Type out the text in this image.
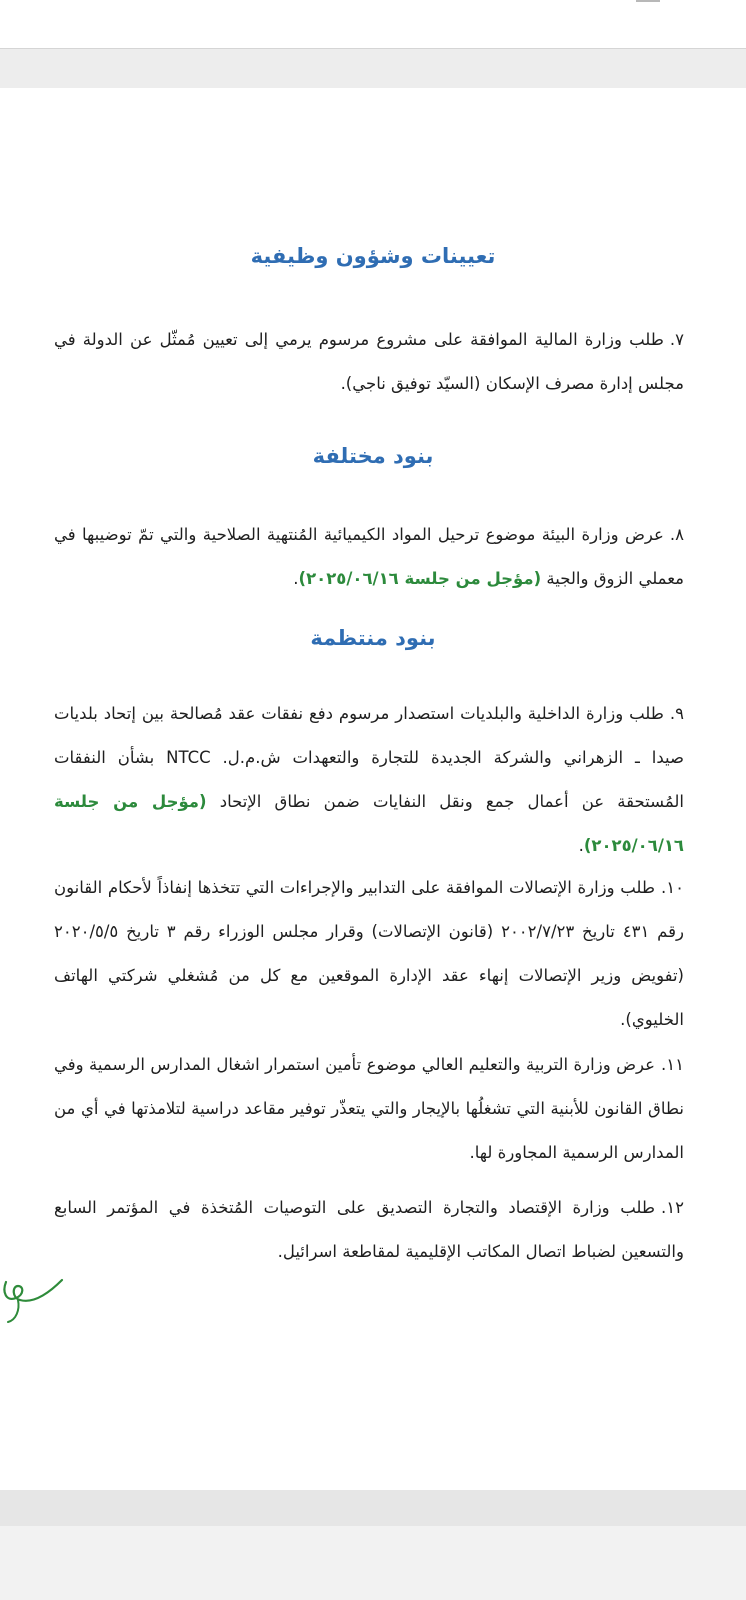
تعيينات وشؤون وظيفية

٧.طلب وزارة المالية الموافقة على مشروع مرسوم يرمي إلى تعيين مُمثّل عن الدولة في مجلس إدارة مصرف الإسكان (السيّد توفيق ناجي).

بنود مختلفة

٨.عرض وزارة البيئة موضوع ترحيل المواد الكيميائية المُنتهية الصلاحية والتي تمّ توضيبها في معملي الزوق والجية (مؤجل من جلسة ٢٠٢٥/٠٦/١٦).

بنود منتظمة

٩.طلب وزارة الداخلية والبلديات استصدار مرسوم دفع نفقات عقد مُصالحة بين إتحاد بلديات صيدا ـ الزهراني والشركة الجديدة للتجارة والتعهدات ش.م.ل. NTCC بشأن النفقات المُستحقة عن أعمال جمع ونقل النفايات ضمن نطاق الإتحاد (مؤجل من جلسة ٢٠٢٥/٠٦/١٦).

١٠.طلب وزارة الإتصالات الموافقة على التدابير والإجراءات التي تتخذها إنفاذاً لأحكام القانون رقم ٤٣١ تاريخ ٢٠٠٢/٧/٢٣ (قانون الإتصالات) وقرار مجلس الوزراء رقم ٣ تاريخ ٢٠٢٠/٥/٥ (تفويض وزير الإتصالات إنهاء عقد الإدارة الموقعين مع كل من مُشغلي شركتي الهاتف الخليوي).

١١.عرض وزارة التربية والتعليم العالي موضوع تأمين استمرار اشغال المدارس الرسمية وفي نطاق القانون للأبنية التي تشغلُها بالإيجار والتي يتعذّر توفير مقاعد دراسية لتلامذتها في أي من المدارس الرسمية المجاورة لها.

١٢.طلب وزارة الإقتصاد والتجارة التصديق على التوصيات المُتخذة في المؤتمر السابع والتسعين لضباط اتصال المكاتب الإقليمية لمقاطعة اسرائيل.
